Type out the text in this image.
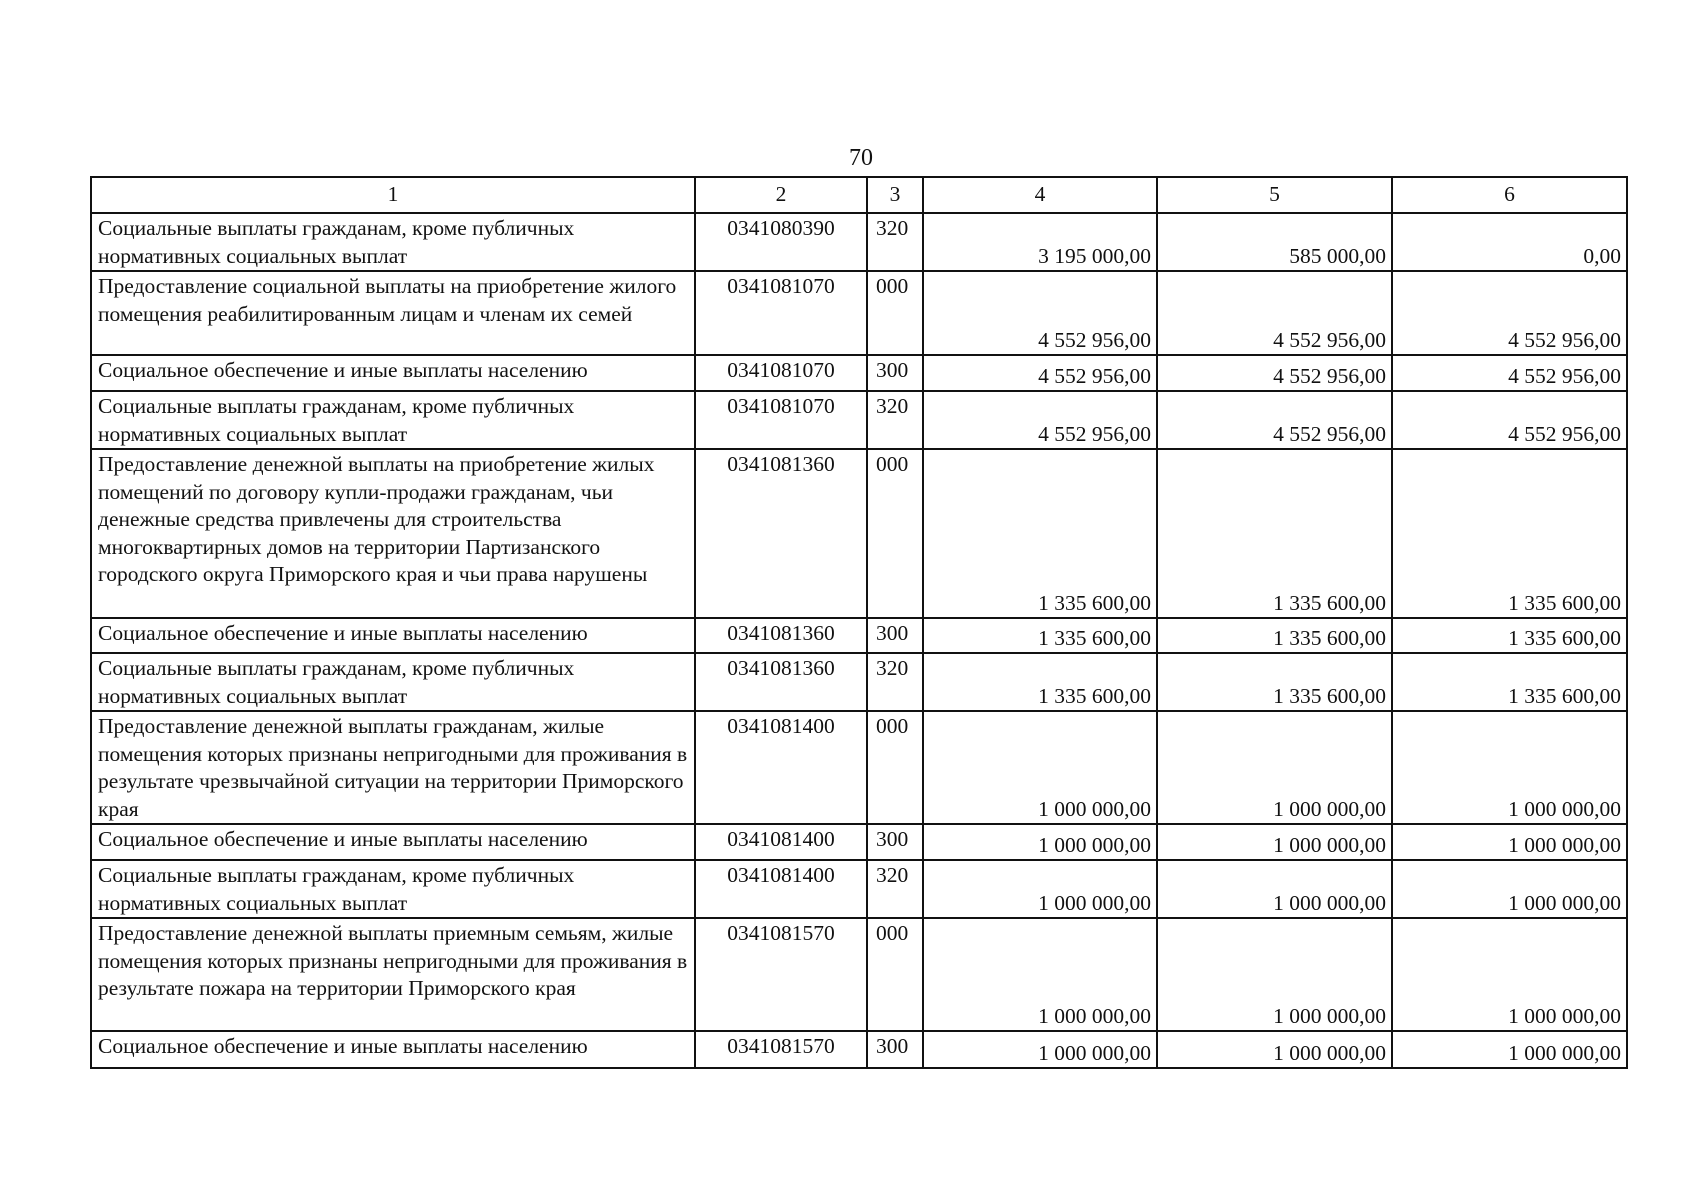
70
1	2	3	4	5	6
Социальные выплаты гражданам, кроме публичных нормативных социальных выплат	0341080390	320	3 195 000,00	585 000,00	0,00
Предоставление социальной выплаты на приобретение жилого помещения реабилитированным лицам и членам их семей	0341081070	000	4 552 956,00	4 552 956,00	4 552 956,00
Социальное обеспечение и иные выплаты населению	0341081070	300	4 552 956,00	4 552 956,00	4 552 956,00
Социальные выплаты гражданам, кроме публичных нормативных социальных выплат	0341081070	320	4 552 956,00	4 552 956,00	4 552 956,00
Предоставление денежной выплаты на приобретение жилых помещений по договору купли-продажи гражданам, чьи денежные средства привлечены для строительства многоквартирных домов на территории Партизанского городского округа Приморского края и чьи права нарушены	0341081360	000	1 335 600,00	1 335 600,00	1 335 600,00
Социальное обеспечение и иные выплаты населению	0341081360	300	1 335 600,00	1 335 600,00	1 335 600,00
Социальные выплаты гражданам, кроме публичных нормативных социальных выплат	0341081360	320	1 335 600,00	1 335 600,00	1 335 600,00
Предоставление денежной выплаты гражданам, жилые помещения которых признаны непригодными для проживания в результате чрезвычайной ситуации на территории Приморского края	0341081400	000	1 000 000,00	1 000 000,00	1 000 000,00
Социальное обеспечение и иные выплаты населению	0341081400	300	1 000 000,00	1 000 000,00	1 000 000,00
Социальные выплаты гражданам, кроме публичных нормативных социальных выплат	0341081400	320	1 000 000,00	1 000 000,00	1 000 000,00
Предоставление денежной выплаты приемным семьям, жилые помещения которых признаны непригодными для проживания в результате пожара на территории Приморского края	0341081570	000	1 000 000,00	1 000 000,00	1 000 000,00
Социальное обеспечение и иные выплаты населению	0341081570	300	1 000 000,00	1 000 000,00	1 000 000,00
